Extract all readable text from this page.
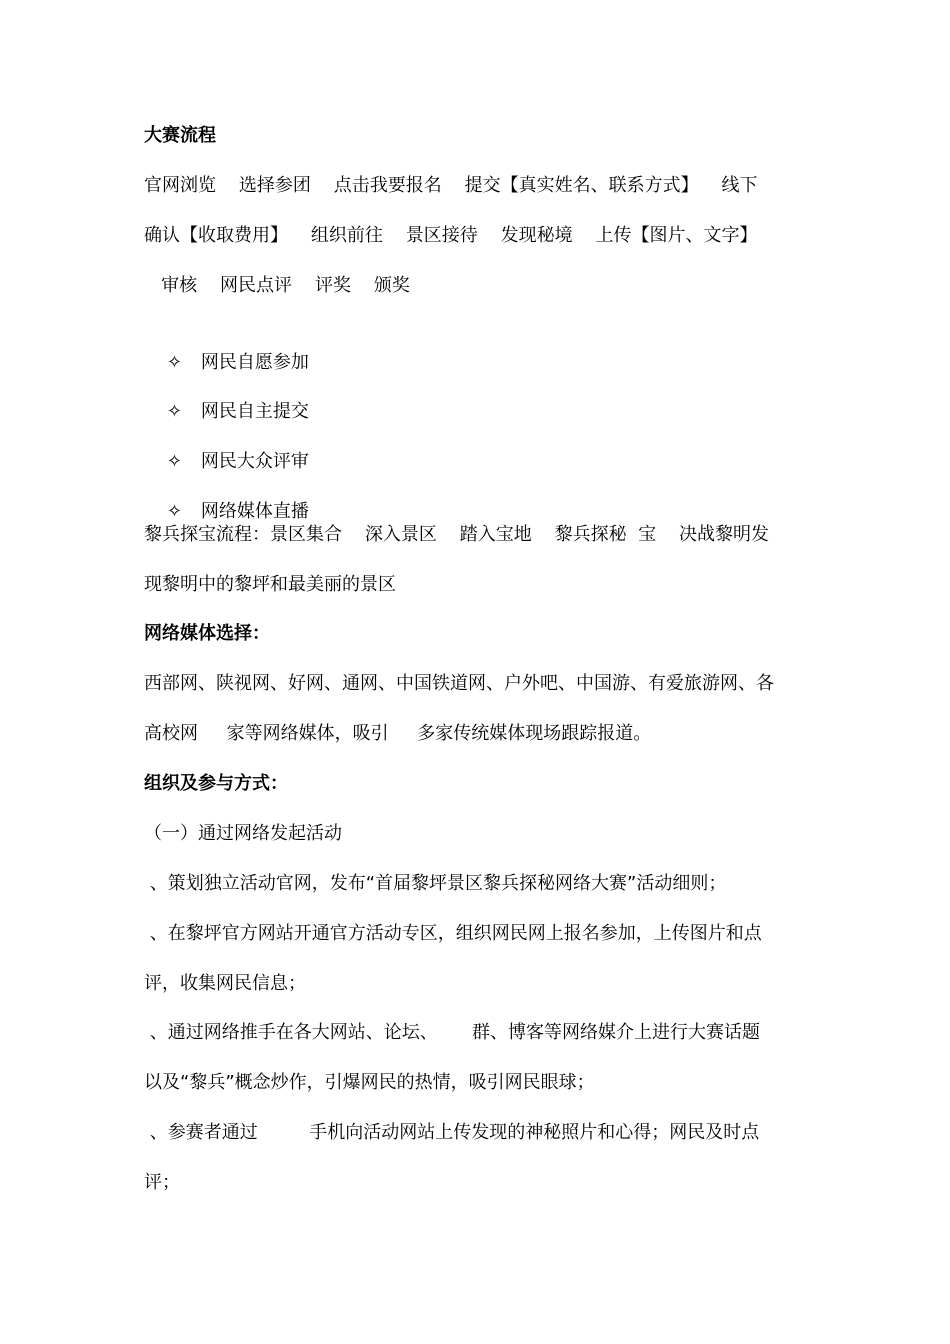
大赛流程
官网浏览    选择参团    点击我要报名    提交【真实姓名、联系方式】    线下
确认【收取费用】    组织前往    景区接待    发现秘境    上传【图片、文字】
审核    网民点评    评奖    颁奖

✧ 网民自愿参加

✧ 网民自主提交

✧ 网民大众评审

✧ 网络媒体直播

黎兵探宝流程：景区集合    深入景区    踏入宝地    黎兵探秘  宝    决战黎明发
现黎明中的黎坪和最美丽的景区
网络媒体选择：
西部网、陕视网、好网、通网、中国铁道网、户外吧、中国游、有爱旅游网、各
高校网     家等网络媒体，吸引     多家传统媒体现场跟踪报道。
组织及参与方式：
（一）通过网络发起活动
、策划独立活动官网，发布“首届黎坪景区黎兵探秘网络大赛”活动细则；
、在黎坪官方网站开通官方活动专区，组织网民网上报名参加，上传图片和点
评，收集网民信息；
、通过网络推手在各大网站、论坛、      群、博客等网络媒介上进行大赛话题
以及“黎兵”概念炒作，引爆网民的热情，吸引网民眼球；
、参赛者通过         手机向活动网站上传发现的神秘照片和心得；网民及时点
评；
